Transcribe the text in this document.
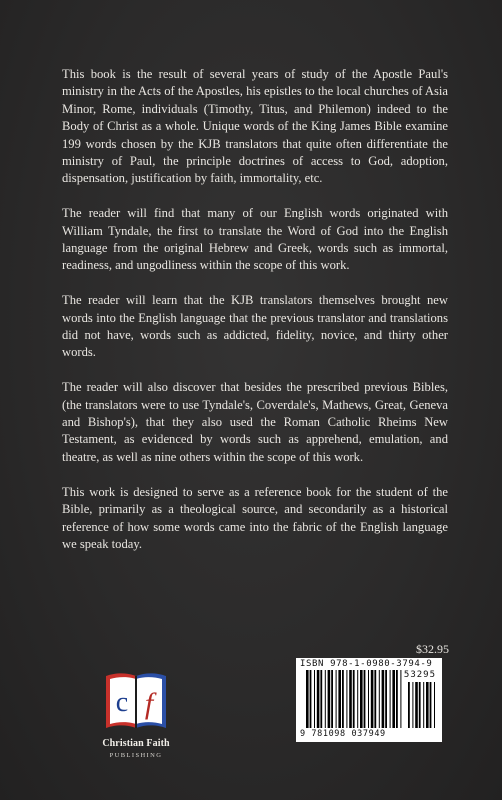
This book is the result of several years of study of the Apostle Paul's ministry in the Acts of the Apostles, his epistles to the local churches of Asia Minor, Rome, individuals (Timothy, Titus, and Philemon) indeed to the Body of Christ as a whole. Unique words of the King James Bible examine 199 words chosen by the KJB translators that quite often differentiate the ministry of Paul, the principle doctrines of access to God, adoption, dispensation, justification by faith, immortality, etc.

The reader will find that many of our English words originated with William Tyndale, the first to translate the Word of God into the English language from the original Hebrew and Greek, words such as immortal, readiness, and ungodliness within the scope of this work.

The reader will learn that the KJB translators themselves brought new words into the English language that the previous translator and translations did not have, words such as addicted, fidelity, novice, and thirty other words.

The reader will also discover that besides the prescribed previous Bibles, (the translators were to use Tyndale's, Coverdale's, Mathews, Great, Geneva and Bishop's), that they also used the Roman Catholic Rheims New Testament, as evidenced by words such as apprehend, emulation, and theatre, as well as nine others within the scope of this work.

This work is designed to serve as a reference book for the student of the Bible, primarily as a theological source, and secondarily as a historical reference of how some words came into the fabric of the English language we speak today.

$32.95
ISBN 978-1-0980-3794-9
53295
9 781098 037949
c f
Christian Faith
PUBLISHING
